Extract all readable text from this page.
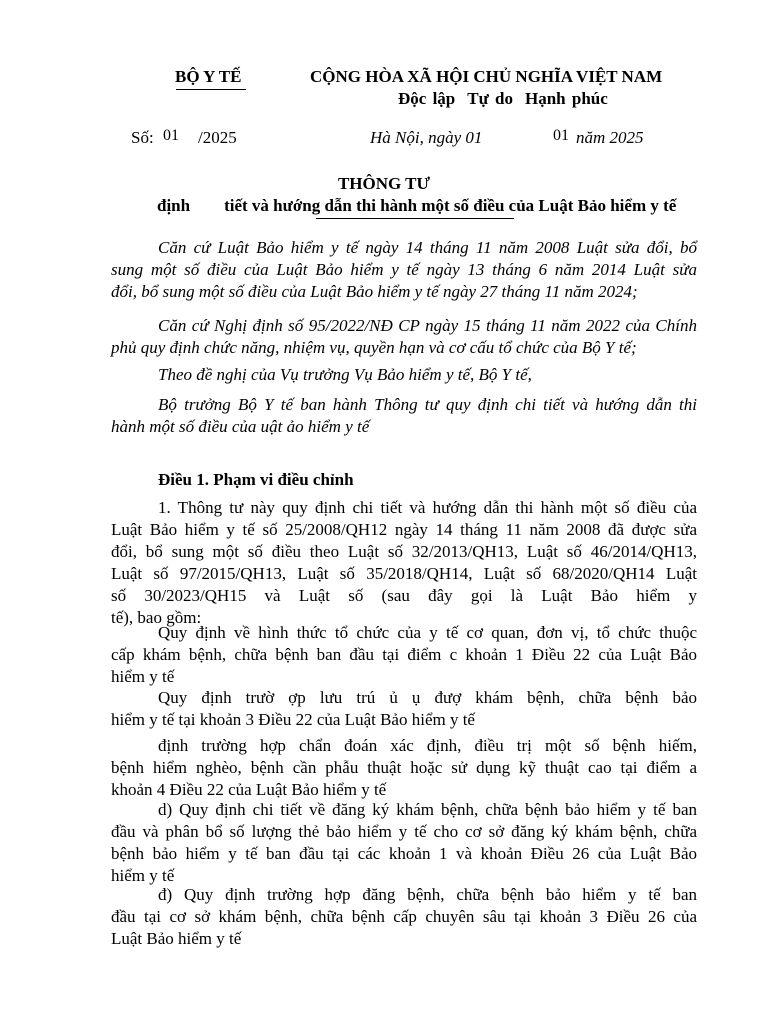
BỘ Y TẾ	CỘNG HÒA XÃ HỘI CHỦ NGHĨA VIỆT NAM
Độc lập Tự do Hạnh phúc
Số: 01 /2025	Hà Nội, ngày 01	01 năm 2025
THÔNG TƯ
định tiết và hướng dẫn thi hành một số điều của Luật Bảo hiểm y tế
Căn cứ Luật Bảo hiểm y tế ngày 14 tháng 11 năm 2008 Luật sửa đổi, bổ
sung một số điều của Luật Bảo hiểm y tế ngày 13 tháng 6 năm 2014 Luật sửa
đổi, bổ sung một số điều của Luật Bảo hiểm y tế ngày 27 tháng 11 năm 2024;
Căn cứ Nghị định số 95/2022/NĐ CP ngày 15 tháng 11 năm 2022 của Chính
phủ quy định chức năng, nhiệm vụ, quyền hạn và cơ cấu tổ chức của Bộ Y tế;
Theo đề nghị của Vụ trưởng Vụ Bảo hiểm y tế, Bộ Y tế,
Bộ trưởng Bộ Y tế ban hành Thông tư quy định chi tiết và hướng dẫn thi
hành một số điều của uật ảo hiểm y tế
Điều 1. Phạm vi điều chỉnh
1. Thông tư này quy định chi tiết và hướng dẫn thi hành một số điều của
Luật Bảo hiểm y tế số 25/2008/QH12 ngày 14 tháng 11 năm 2008 đã được sửa
đổi, bổ sung một số điều theo Luật số 32/2013/QH13, Luật số 46/2014/QH13,
Luật số 97/2015/QH13, Luật số 35/2018/QH14, Luật số 68/2020/QH14 Luật
số 30/2023/QH15 và Luật số (sau đây gọi là Luật Bảo hiểm y
tế), bao gồm:
Quy định về hình thức tổ chức của y tế cơ quan, đơn vị, tổ chức thuộc
cấp khám bệnh, chữa bệnh ban đầu tại điểm c khoản 1 Điều 22 của Luật Bảo
hiểm y tế
Quy định trườ ợp lưu trú ủ ụ đượ khám bệnh, chữa bệnh bảo
hiểm y tế tại khoản 3 Điều 22 của Luật Bảo hiểm y tế
định trường hợp chẩn đoán xác định, điều trị một số bệnh hiếm,
bệnh hiểm nghèo, bệnh cần phẫu thuật hoặc sử dụng kỹ thuật cao tại điểm a
khoản 4 Điều 22 của Luật Bảo hiểm y tế
d) Quy định chi tiết về đăng ký khám bệnh, chữa bệnh bảo hiểm y tế ban
đầu và phân bổ số lượng thẻ bảo hiểm y tế cho cơ sở đăng ký khám bệnh, chữa
bệnh bảo hiểm y tế ban đầu tại các khoản 1 và khoản Điều 26 của Luật Bảo
hiểm y tế
đ) Quy định trường hợp đăng bệnh, chữa bệnh bảo hiểm y tế ban
đầu tại cơ sở khám bệnh, chữa bệnh cấp chuyên sâu tại khoản 3 Điều 26 của
Luật Bảo hiểm y tế
